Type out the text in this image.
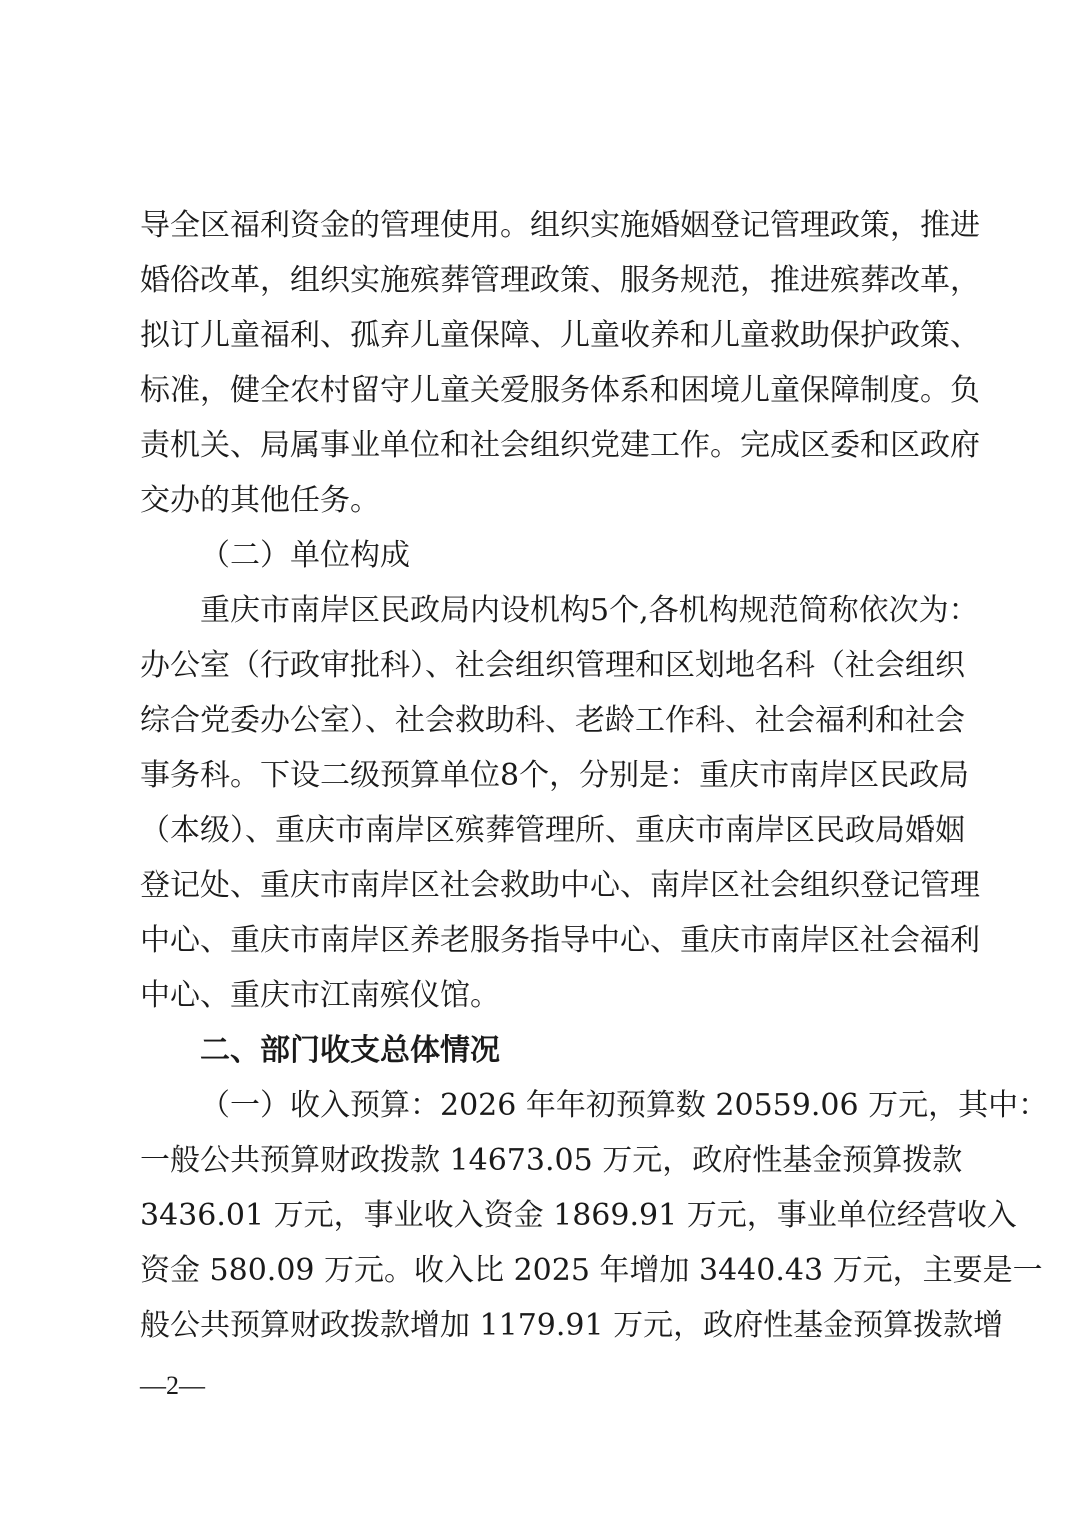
导全区福利资金的管理使用。组织实施婚姻登记管理政策，推进
婚俗改革，组织实施殡葬管理政策、服务规范，推进殡葬改革，
拟订儿童福利、孤弃儿童保障、儿童收养和儿童救助保护政策、
标准，健全农村留守儿童关爱服务体系和困境儿童保障制度。负
责机关、局属事业单位和社会组织党建工作。完成区委和区政府
交办的其他任务。
（二）单位构成
重庆市南岸区民政局内设机构5个,各机构规范简称依次为：
办公室（行政审批科）、社会组织管理和区划地名科（社会组织
综合党委办公室）、社会救助科、老龄工作科、社会福利和社会
事务科。下设二级预算单位8个，分别是：重庆市南岸区民政局
（本级）、重庆市南岸区殡葬管理所、重庆市南岸区民政局婚姻
登记处、重庆市南岸区社会救助中心、南岸区社会组织登记管理
中心、重庆市南岸区养老服务指导中心、重庆市南岸区社会福利
中心、重庆市江南殡仪馆。
二、部门收支总体情况
（一）收入预算：2026 年年初预算数 20559.06 万元，其中：
一般公共预算财政拨款 14673.05 万元，政府性基金预算拨款
3436.01 万元，事业收入资金 1869.91 万元，事业单位经营收入
资金 580.09 万元。收入比 2025 年增加 3440.43 万元，主要是一
般公共预算财政拨款增加 1179.91 万元，政府性基金预算拨款增
—2—
